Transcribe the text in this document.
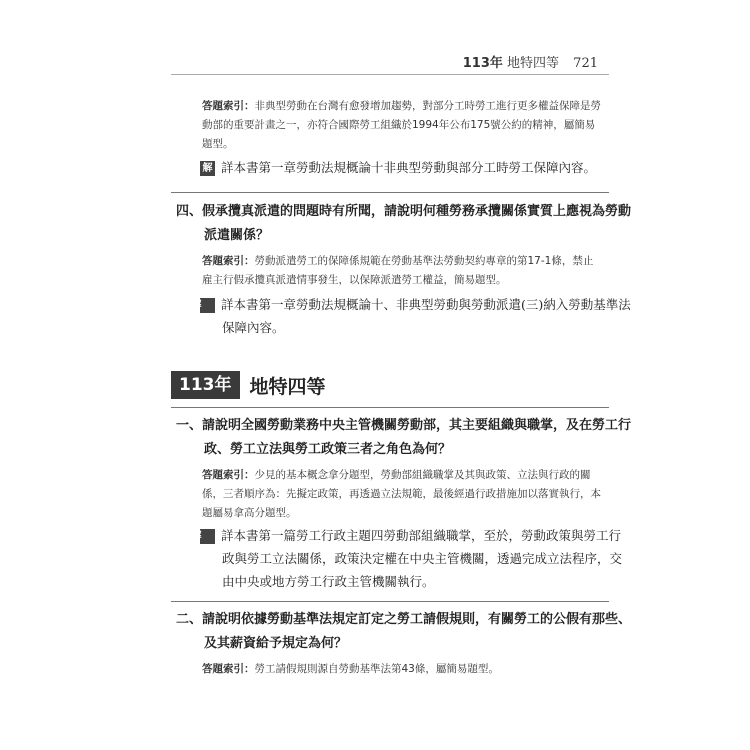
113年 地特四等 721
答題索引：非典型勞動在台灣有愈發增加趨勢，對部分工時勞工進行更多權益保障是勞動部的重要計畫之一，亦符合國際勞工組織於1994年公布175號公約的精神，屬簡易題型。
解 詳本書第一章勞動法規概論十非典型勞動與部分工時勞工保障內容。
四、假承攬真派遣的問題時有所聞，請說明何種勞務承攬關係實質上應視為勞動派遣關係？
答題索引：勞動派遣勞工的保障係規範在勞動基準法勞動契約專章的第17-1條，禁止雇主行假承攬真派遣情事發生，以保障派遣勞工權益，簡易題型。
解 詳本書第一章勞動法規概論十、非典型勞動與勞動派遣(三)納入勞動基準法保障內容。
113年 地特四等
一、請說明全國勞動業務中央主管機關勞動部，其主要組織與職掌，及在勞工行政、勞工立法與勞工政策三者之角色為何？
答題索引：少見的基本概念拿分題型，勞動部組織職掌及其與政策、立法與行政的關係，三者順序為：先擬定政策，再透過立法規範，最後經過行政措施加以落實執行，本題屬易拿高分題型。
解 詳本書第一篇勞工行政主題四勞動部組織職掌，至於，勞動政策與勞工行政與勞工立法關係，政策決定權在中央主管機關，透過完成立法程序，交由中央或地方勞工行政主管機關執行。
二、請說明依據勞動基準法規定訂定之勞工請假規則，有關勞工的公假有那些、及其薪資給予規定為何？
答題索引：勞工請假規則源自勞動基準法第43條，屬簡易題型。
